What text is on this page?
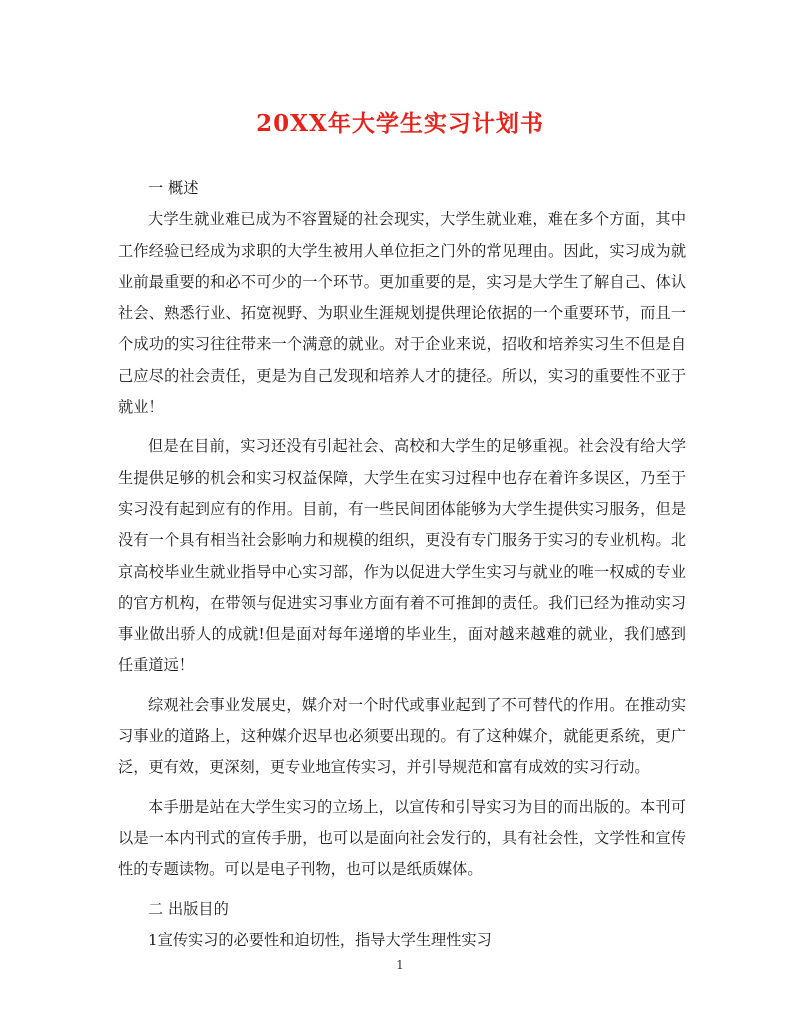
20XX年大学生实习计划书

一 概述

大学生就业难已成为不容置疑的社会现实，大学生就业难，难在多个方面，其中工作经验已经成为求职的大学生被用人单位拒之门外的常见理由。因此，实习成为就业前最重要的和必不可少的一个环节。更加重要的是，实习是大学生了解自己、体认社会、熟悉行业、拓宽视野、为职业生涯规划提供理论依据的一个重要环节，而且一个成功的实习往往带来一个满意的就业。对于企业来说，招收和培养实习生不但是自己应尽的社会责任，更是为自己发现和培养人才的捷径。所以，实习的重要性不亚于就业！

但是在目前，实习还没有引起社会、高校和大学生的足够重视。社会没有给大学生提供足够的机会和实习权益保障，大学生在实习过程中也存在着许多误区，乃至于实习没有起到应有的作用。目前，有一些民间团体能够为大学生提供实习服务，但是没有一个具有相当社会影响力和规模的组织，更没有专门服务于实习的专业机构。北京高校毕业生就业指导中心实习部，作为以促进大学生实习与就业的唯一权威的专业的官方机构，在带领与促进实习事业方面有着不可推卸的责任。我们已经为推动实习事业做出骄人的成就!但是面对每年递增的毕业生，面对越来越难的就业，我们感到任重道远！

综观社会事业发展史，媒介对一个时代或事业起到了不可替代的作用。在推动实习事业的道路上，这种媒介迟早也必须要出现的。有了这种媒介，就能更系统，更广泛，更有效，更深刻，更专业地宣传实习，并引导规范和富有成效的实习行动。

本手册是站在大学生实习的立场上，以宣传和引导实习为目的而出版的。本刊可以是一本内刊式的宣传手册，也可以是面向社会发行的，具有社会性，文学性和宣传性的专题读物。可以是电子刊物，也可以是纸质媒体。

二 出版目的

1宣传实习的必要性和迫切性，指导大学生理性实习

1
